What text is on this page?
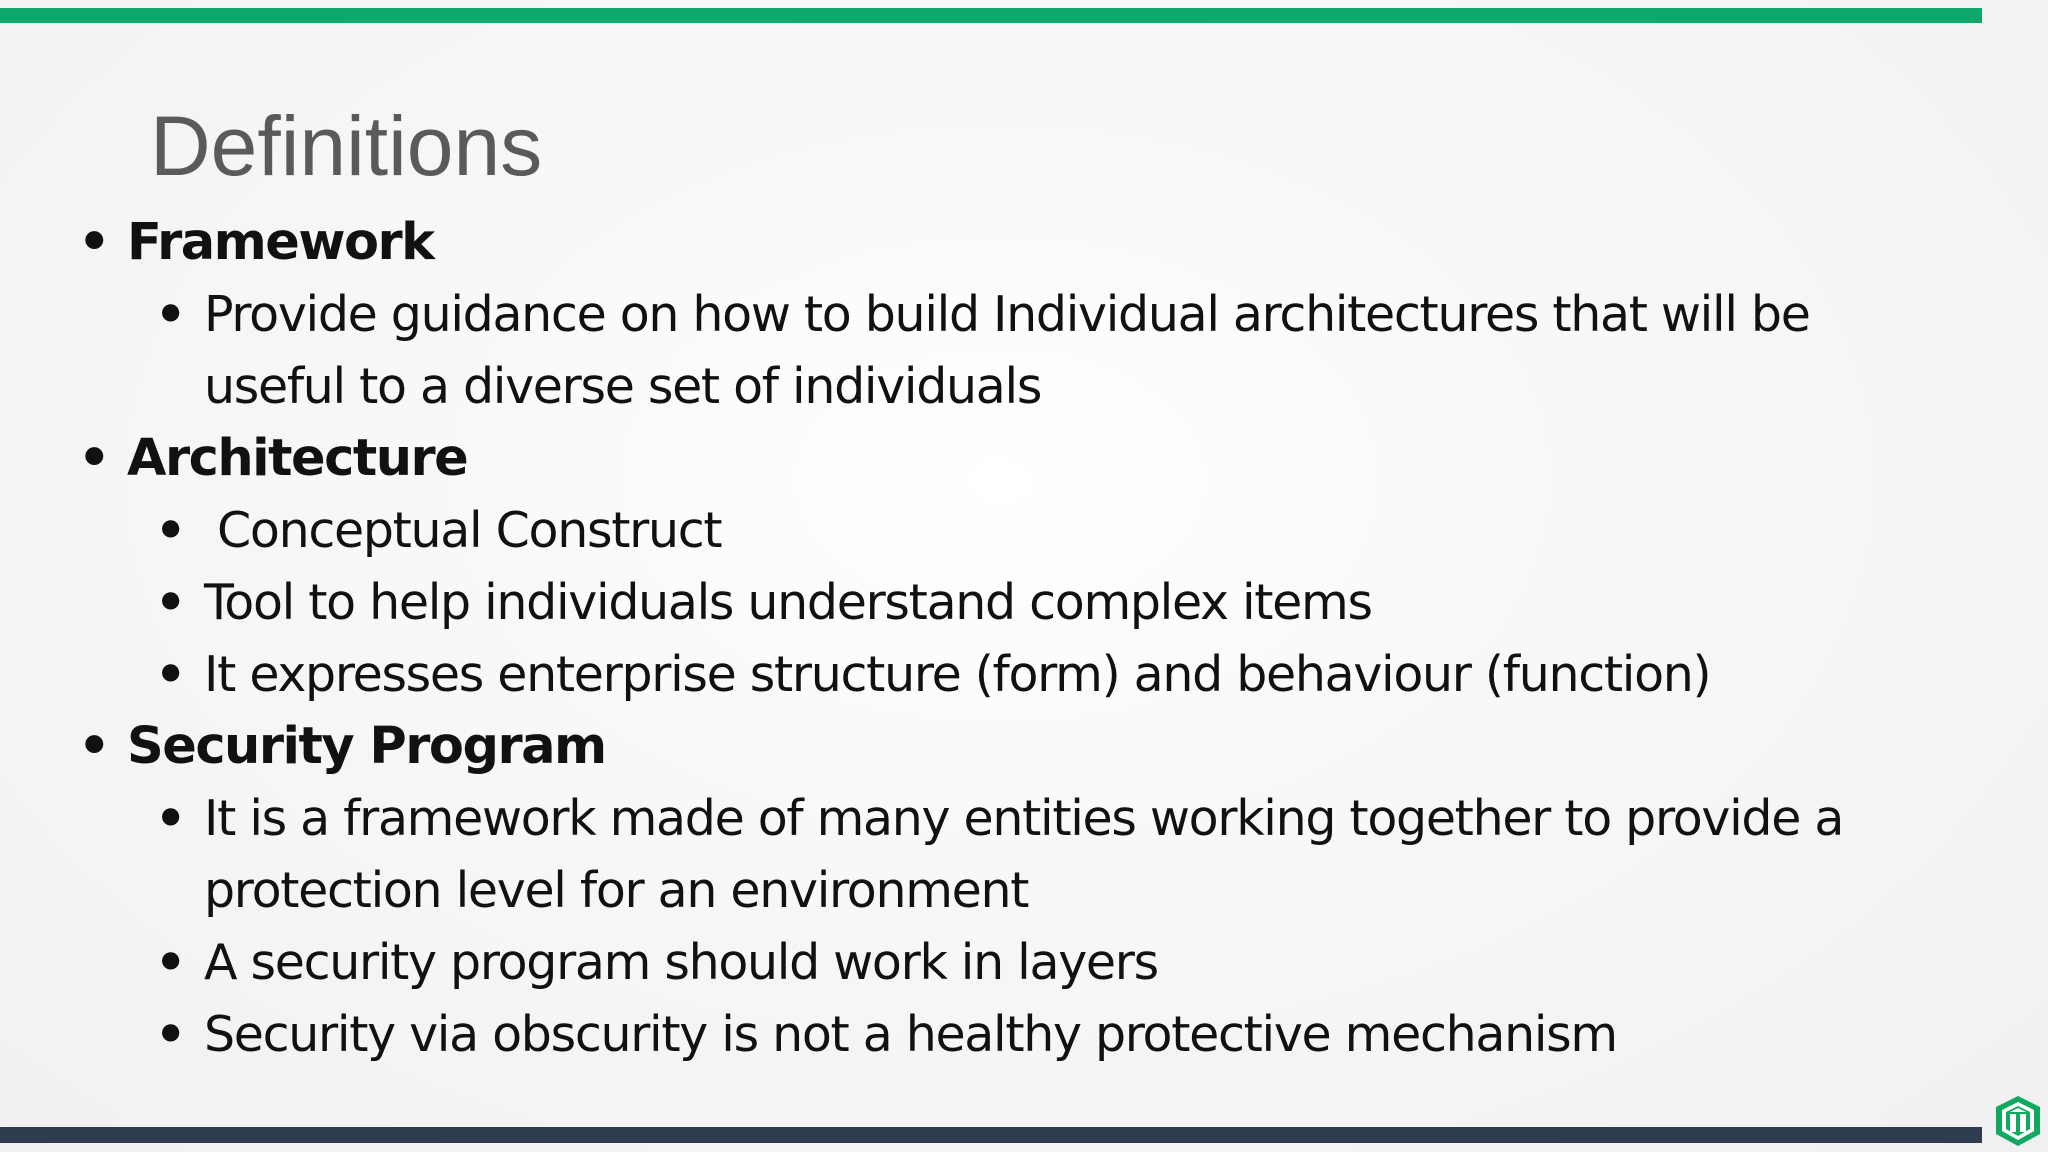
Definitions
• Framework
• Provide guidance on how to build Individual architectures that will be
useful to a diverse set of individuals
• Architecture
• Conceptual Construct
• Tool to help individuals understand complex items
• It expresses enterprise structure (form) and behaviour (function)
• Security Program
• It is a framework made of many entities working together to provide a
protection level for an environment
• A security program should work in layers
• Security via obscurity is not a healthy protective mechanism
